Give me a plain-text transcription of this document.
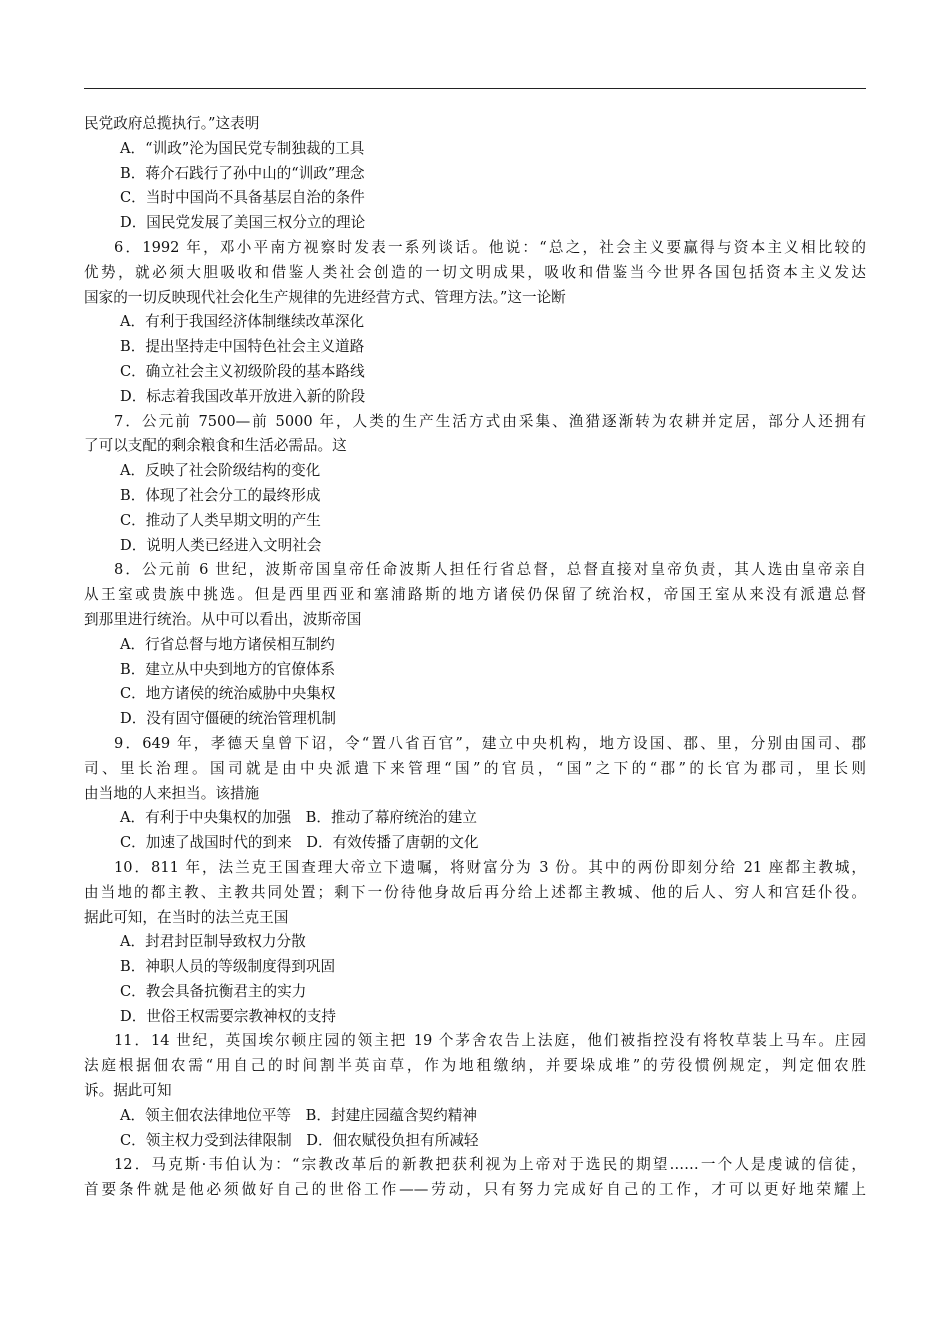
民党政府总揽执行。”这表明
A．“训政”沦为国民党专制独裁的工具
B．蒋介石践行了孙中山的“训政”理念
C．当时中国尚不具备基层自治的条件
D．国民党发展了美国三权分立的理论
6．1992 年，邓小平南方视察时发表一系列谈话。他说：“总之，社会主义要赢得与资本主义相比较的
优势，就必须大胆吸收和借鉴人类社会创造的一切文明成果，吸收和借鉴当今世界各国包括资本主义发达
国家的一切反映现代社会化生产规律的先进经营方式、管理方法。”这一论断
A．有利于我国经济体制继续改革深化
B．提出坚持走中国特色社会主义道路
C．确立社会主义初级阶段的基本路线
D．标志着我国改革开放进入新的阶段
7．公元前 7500—前 5000 年，人类的生产生活方式由采集、渔猎逐渐转为农耕并定居，部分人还拥有
了可以支配的剩余粮食和生活必需品。这
A．反映了社会阶级结构的变化
B．体现了社会分工的最终形成
C．推动了人类早期文明的产生
D．说明人类已经进入文明社会
8．公元前 6 世纪，波斯帝国皇帝任命波斯人担任行省总督，总督直接对皇帝负责，其人选由皇帝亲自
从王室或贵族中挑选。但是西里西亚和塞浦路斯的地方诸侯仍保留了统治权，帝国王室从来没有派遣总督
到那里进行统治。从中可以看出，波斯帝国
A．行省总督与地方诸侯相互制约
B．建立从中央到地方的官僚体系
C．地方诸侯的统治威胁中央集权
D．没有固守僵硬的统治管理机制
9．649 年，孝德天皇曾下诏，令“置八省百官”，建立中央机构，地方设国、郡、里，分别由国司、郡
司、里长治理。国司就是由中央派遣下来管理“国”的官员，“国”之下的“郡”的长官为郡司，里长则
由当地的人来担当。该措施
A．有利于中央集权的加强　B．推动了幕府统治的建立
C．加速了战国时代的到来　D．有效传播了唐朝的文化
10．811 年，法兰克王国查理大帝立下遗嘱，将财富分为 3 份。其中的两份即刻分给 21 座都主教城，
由当地的都主教、主教共同处置；剩下一份待他身故后再分给上述都主教城、他的后人、穷人和宫廷仆役。
据此可知，在当时的法兰克王国
A．封君封臣制导致权力分散
B．神职人员的等级制度得到巩固
C．教会具备抗衡君主的实力
D．世俗王权需要宗教神权的支持
11．14 世纪，英国埃尔顿庄园的领主把 19 个茅舍农告上法庭，他们被指控没有将牧草装上马车。庄园
法庭根据佃农需“用自己的时间割半英亩草，作为地租缴纳，并要垛成堆”的劳役惯例规定，判定佃农胜
诉。据此可知
A．领主佃农法律地位平等　B．封建庄园蕴含契约精神
C．领主权力受到法律限制　D．佃农赋役负担有所减轻
12．马克斯·韦伯认为：“宗教改革后的新教把获利视为上帝对于选民的期望……一个人是虔诚的信徒，
首要条件就是他必须做好自己的世俗工作——劳动，只有努力完成好自己的工作，才可以更好地荣耀上
